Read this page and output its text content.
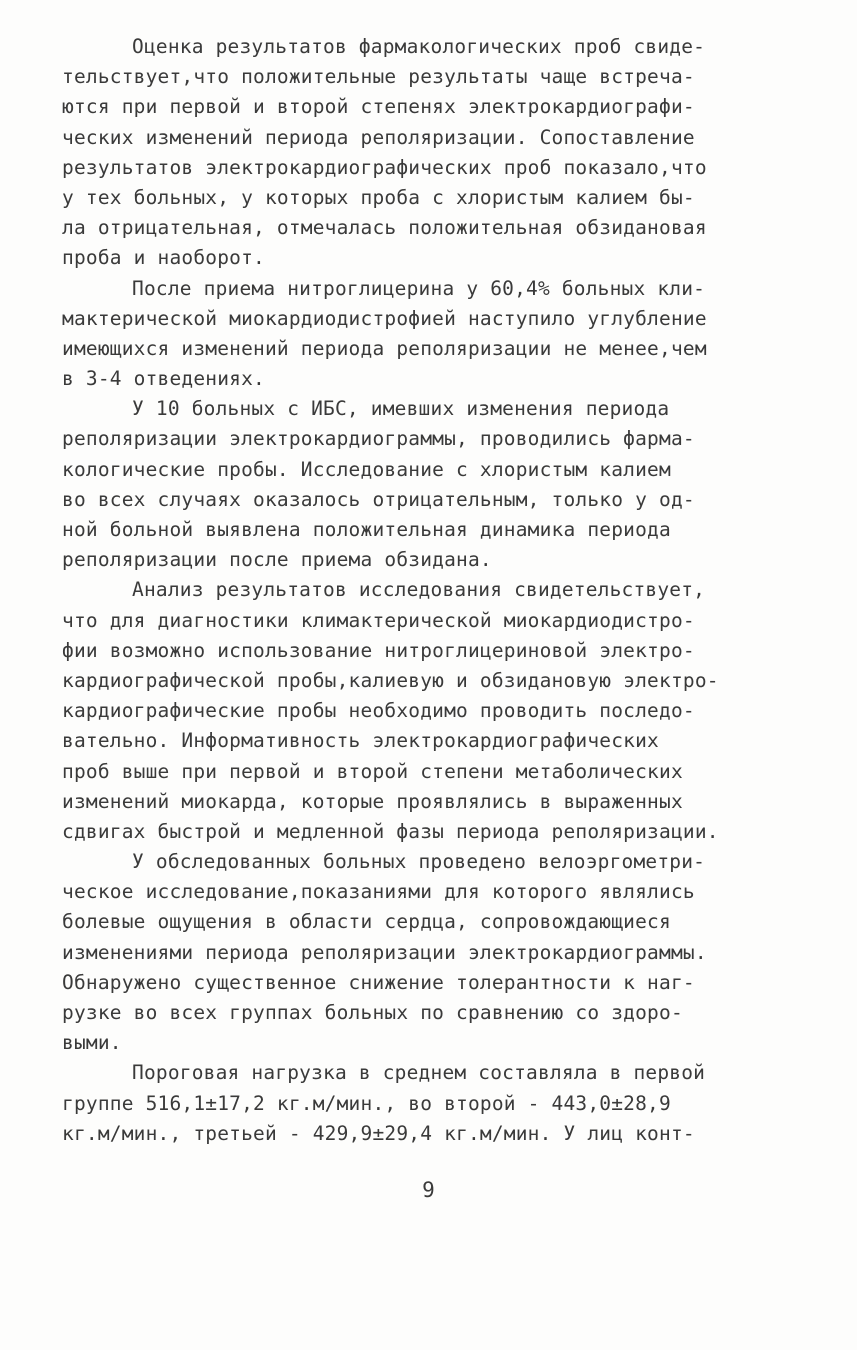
Оценка результатов фармакологических проб свиде-
тельствует,что положительные результаты чаще встреча-
ются при первой и второй степенях электрокардиографи-
ческих изменений периода реполяризации. Сопоставление
результатов электрокардиографических проб показало,что
у тех больных, у которых проба с хлористым калием бы-
ла отрицательная, отмечалась положительная обзидановая
проба и наоборот.
После приема нитроглицерина у 60,4% больных кли-
мактерической миокардиодистрофией наступило углубление
имеющихся изменений периода реполяризации не менее,чем
в 3-4 отведениях.
У 10 больных с ИБС, имевших изменения периода
реполяризации электрокардиограммы, проводились фарма-
кологические пробы. Исследование с хлористым калием
во всех случаях оказалось отрицательным, только у од-
ной больной выявлена положительная динамика периода
реполяризации после приема обзидана.
Анализ результатов исследования свидетельствует,
что для диагностики климактерической миокардиодистро-
фии возможно использование нитроглицериновой электро-
кардиографической пробы,калиевую и обзидановую электро-
кардиографические пробы необходимо проводить последо-
вательно. Информативность электрокардиографических
проб выше при первой и второй степени метаболических
изменений миокарда, которые проявлялись в выраженных
сдвигах быстрой и медленной фазы периода реполяризации.
У обследованных больных проведено велоэргометри-
ческое исследование,показаниями для которого являлись
болевые ощущения в области сердца, сопровождающиеся
изменениями периода реполяризации электрокардиограммы.
Обнаружено существенное снижение толерантности к наг-
рузке во всех группах больных по сравнению со здоро-
выми.
Пороговая нагрузка в среднем составляла в первой
группе 516,1±17,2 кг.м/мин., во второй - 443,0±28,9
кг.м/мин., третьей - 429,9±29,4 кг.м/мин. У лиц конт-
9
